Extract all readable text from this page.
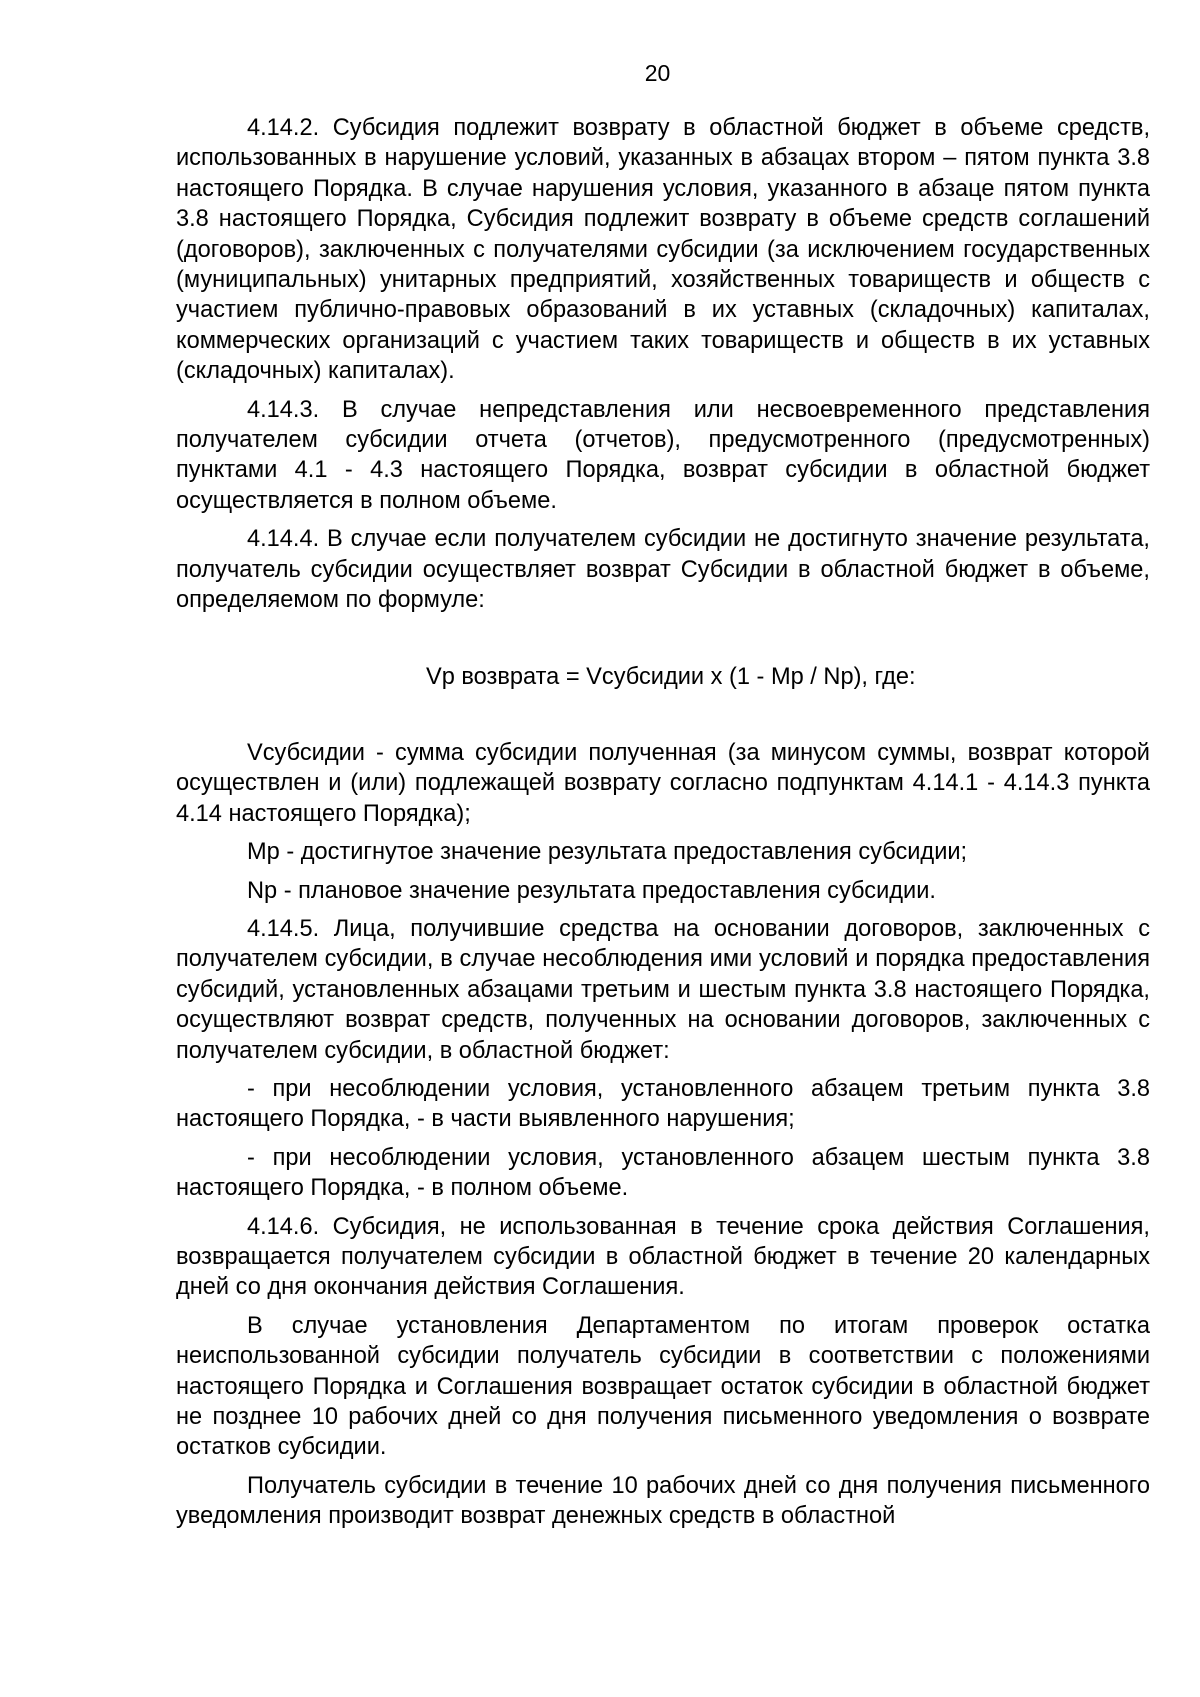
20

4.14.2. Субсидия подлежит возврату в областной бюджет в объеме средств, использованных в нарушение условий, указанных в абзацах втором – пятом пункта 3.8 настоящего Порядка. В случае нарушения условия, указанного в абзаце пятом пункта 3.8 настоящего Порядка, Субсидия подлежит возврату в объеме средств соглашений (договоров), заключенных с получателями субсидии (за исключением государственных (муниципальных) унитарных предприятий, хозяйственных товариществ и обществ с участием публично-правовых образований в их уставных (складочных) капиталах, коммерческих организаций с участием таких товариществ и обществ в их уставных (складочных) капиталах).

4.14.3. В случае непредставления или несвоевременного представления получателем субсидии отчета (отчетов), предусмотренного (предусмотренных) пунктами 4.1 - 4.3 настоящего Порядка, возврат субсидии в областной бюджет осуществляется в полном объеме.

4.14.4. В случае если получателем субсидии не достигнуто значение результата, получатель субсидии осуществляет возврат Субсидии в областной бюджет в объеме, определяемом по формуле:

Vр возврата = Vсубсидии x (1 - Mр / Nр), где:

Vсубсидии - сумма субсидии полученная (за минусом суммы, возврат которой осуществлен и (или) подлежащей возврату согласно подпунктам 4.14.1 - 4.14.3 пункта 4.14 настоящего Порядка);

Mр - достигнутое значение результата предоставления субсидии;

Nр - плановое значение результата предоставления субсидии.

4.14.5. Лица, получившие средства на основании договоров, заключенных с получателем субсидии, в случае несоблюдения ими условий и порядка предоставления субсидий, установленных абзацами третьим и шестым пункта 3.8 настоящего Порядка, осуществляют возврат средств, полученных на основании договоров, заключенных с получателем субсидии, в областной бюджет:

- при несоблюдении условия, установленного абзацем третьим пункта 3.8 настоящего Порядка, - в части выявленного нарушения;

- при несоблюдении условия, установленного абзацем шестым пункта 3.8 настоящего Порядка, - в полном объеме.

4.14.6. Субсидия, не использованная в течение срока действия Соглашения, возвращается получателем субсидии в областной бюджет в течение 20 календарных дней со дня окончания действия Соглашения.

В случае установления Департаментом по итогам проверок остатка неиспользованной субсидии получатель субсидии в соответствии с положениями настоящего Порядка и Соглашения возвращает остаток субсидии в областной бюджет не позднее 10 рабочих дней со дня получения письменного уведомления о возврате остатков субсидии.

Получатель субсидии в течение 10 рабочих дней со дня получения письменного уведомления производит возврат денежных средств в областной
